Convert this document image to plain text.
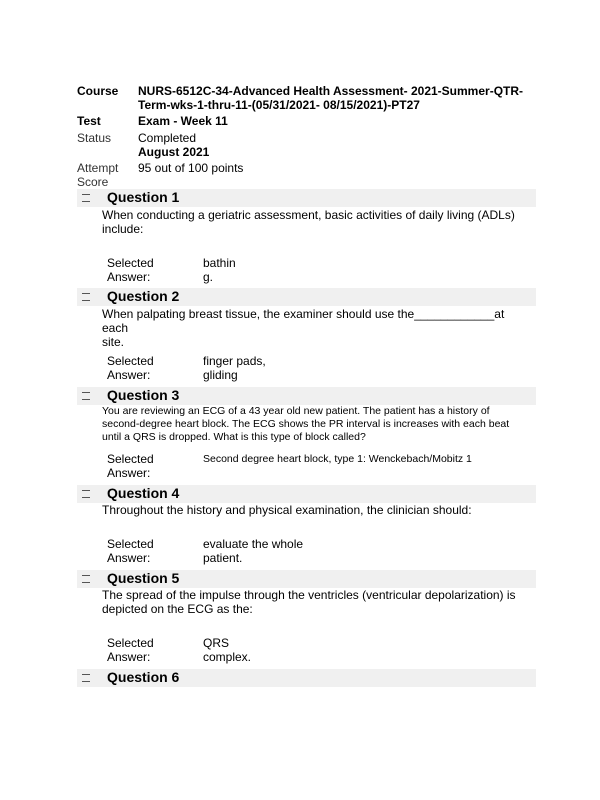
Course NURS-6512C-34-Advanced Health Assessment- 2021-Summer-QTR-
Term-wks-1-thru-11-(05/31/2021- 08/15/2021)-PT27
Test	Exam - Week 11
Status Completed
August 2021
Attempt
Score
95 out of 100 points
Question 1
When conducting a geriatric assessment, basic activities of daily living (ADLs)
include:
Selected
Answer:
bathin
g.
Question 2
When palpating breast tissue, the examiner should use the____________at each
site.
Selected
Answer:
finger pads,
gliding
Question 3
You are reviewing an ECG of a 43 year old new patient. The patient has a history of
second-degree heart block. The ECG shows the PR interval is increases with each beat
until a QRS is dropped. What is this type of block called?
Selected
Answer:
Second degree heart block, type 1: Wenckebach/Mobitz 1
Question 4
Throughout the history and physical examination, the clinician should:
Selected
Answer:
evaluate the whole
patient.
Question 5
The spread of the impulse through the ventricles (ventricular depolarization) is
depicted on the ECG as the:
Selected
Answer:
QRS
complex.
Question 6
